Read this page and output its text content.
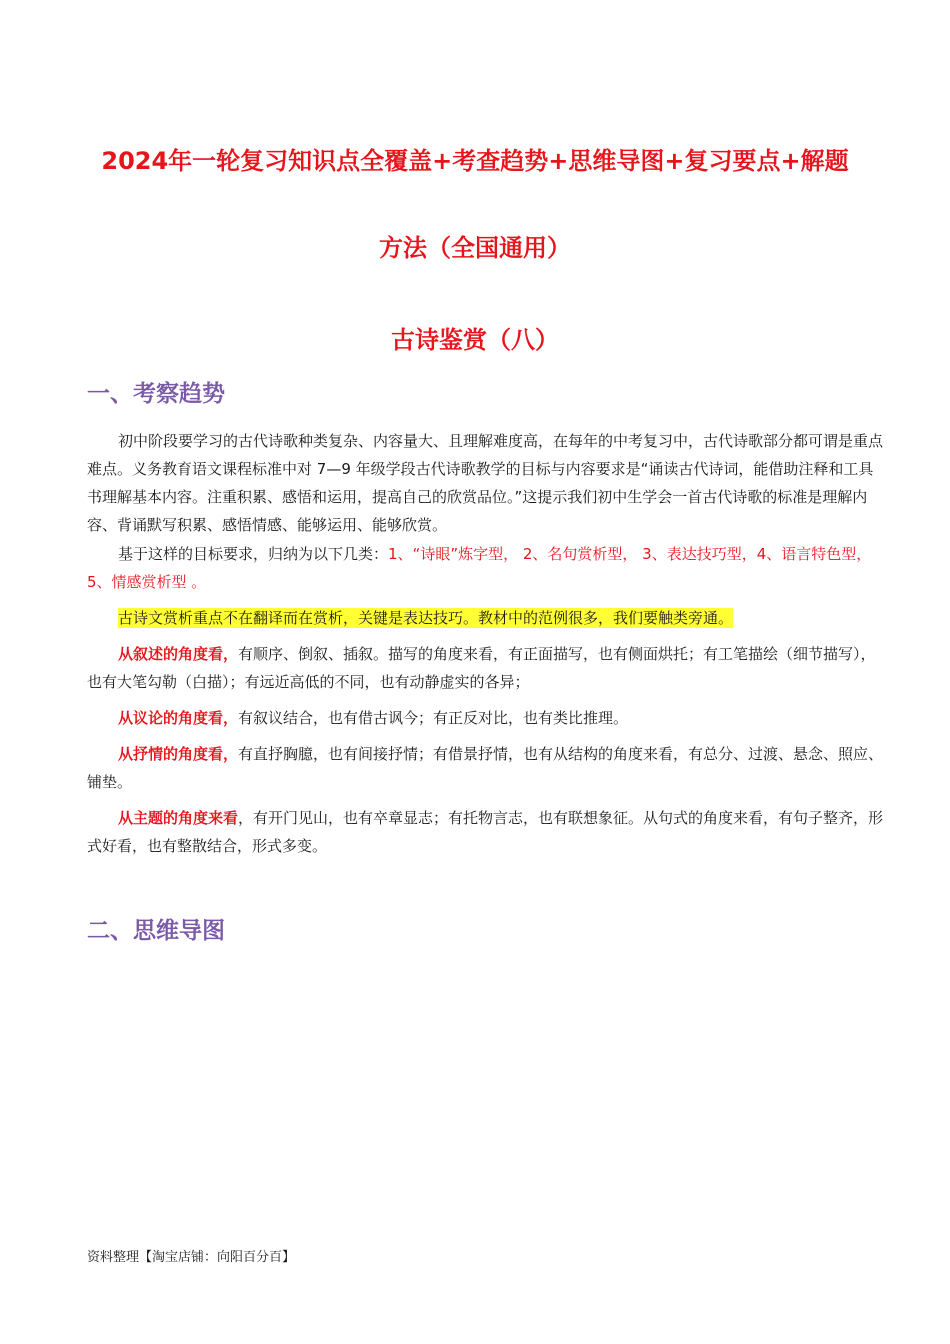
2024年一轮复习知识点全覆盖+考查趋势+思维导图+复习要点+解题
方法（全国通用）
古诗鉴赏（八）
一、考察趋势
初中阶段要学习的古代诗歌种类复杂、内容量大、且理解难度高，在每年的中考复习中，古代诗歌部分都可谓是重点难点。义务教育语文课程标准中对 7—9 年级学段古代诗歌教学的目标与内容要求是“诵读古代诗词，能借助注释和工具书理解基本内容。注重积累、感悟和运用，提高自己的欣赏品位。”这提示我们初中生学会一首古代诗歌的标准是理解内容、背诵默写积累、感悟情感、能够运用、能够欣赏。
基于这样的目标要求，归纳为以下几类：1、“诗眼”炼字型， 2、名句赏析型， 3、表达技巧型，4、语言特色型，5、情感赏析型 。
古诗文赏析重点不在翻译而在赏析，关键是表达技巧。教材中的范例很多，我们要触类旁通。
从叙述的角度看，有顺序、倒叙、插叙。描写的角度来看，有正面描写，也有侧面烘托；有工笔描绘（细节描写），也有大笔勾勒（白描）；有远近高低的不同，也有动静虚实的各异；
从议论的角度看，有叙议结合，也有借古讽今；有正反对比，也有类比推理。
从抒情的角度看，有直抒胸臆，也有间接抒情；有借景抒情，也有从结构的角度来看，有总分、过渡、悬念、照应、铺垫。
从主题的角度来看，有开门见山，也有卒章显志；有托物言志，也有联想象征。从句式的角度来看，有句子整齐，形式好看，也有整散结合，形式多变。
二、思维导图
资料整理【淘宝店铺：向阳百分百】
